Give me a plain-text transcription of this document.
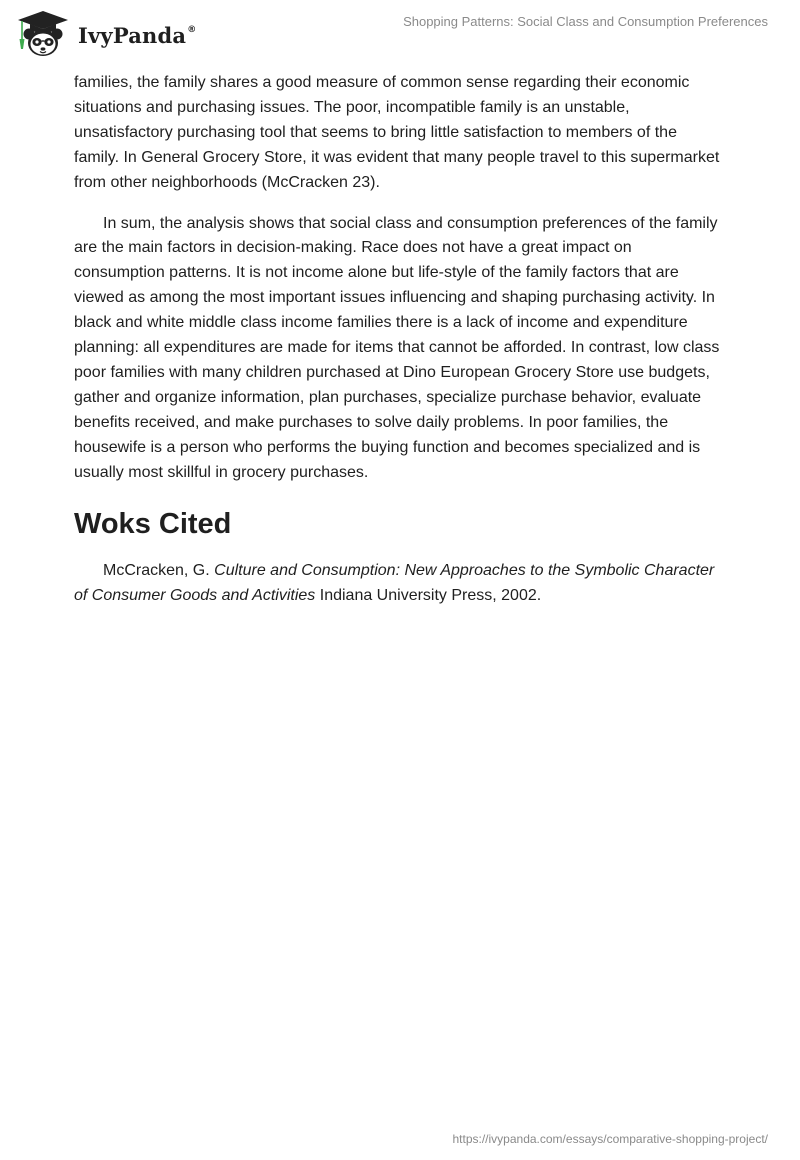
IvyPanda®
Shopping Patterns: Social Class and Consumption Preferences

families, the family shares a good measure of common sense regarding their economic situations and purchasing issues. The poor, incompatible family is an unstable, unsatisfactory purchasing tool that seems to bring little satisfaction to members of the family. In General Grocery Store, it was evident that many people travel to this supermarket from other neighborhoods (McCracken 23).

In sum, the analysis shows that social class and consumption preferences of the family are the main factors in decision-making. Race does not have a great impact on consumption patterns. It is not income alone but life-style of the family factors that are viewed as among the most important issues influencing and shaping purchasing activity. In black and white middle class income families there is a lack of income and expenditure planning: all expenditures are made for items that cannot be afforded. In contrast, low class poor families with many children purchased at Dino European Grocery Store use budgets, gather and organize information, plan purchases, specialize purchase behavior, evaluate benefits received, and make purchases to solve daily problems. In poor families, the housewife is a person who performs the buying function and becomes specialized and is usually most skillful in grocery purchases.

Woks Cited

McCracken, G. Culture and Consumption: New Approaches to the Symbolic Character of Consumer Goods and Activities Indiana University Press, 2002.

https://ivypanda.com/essays/comparative-shopping-project/
